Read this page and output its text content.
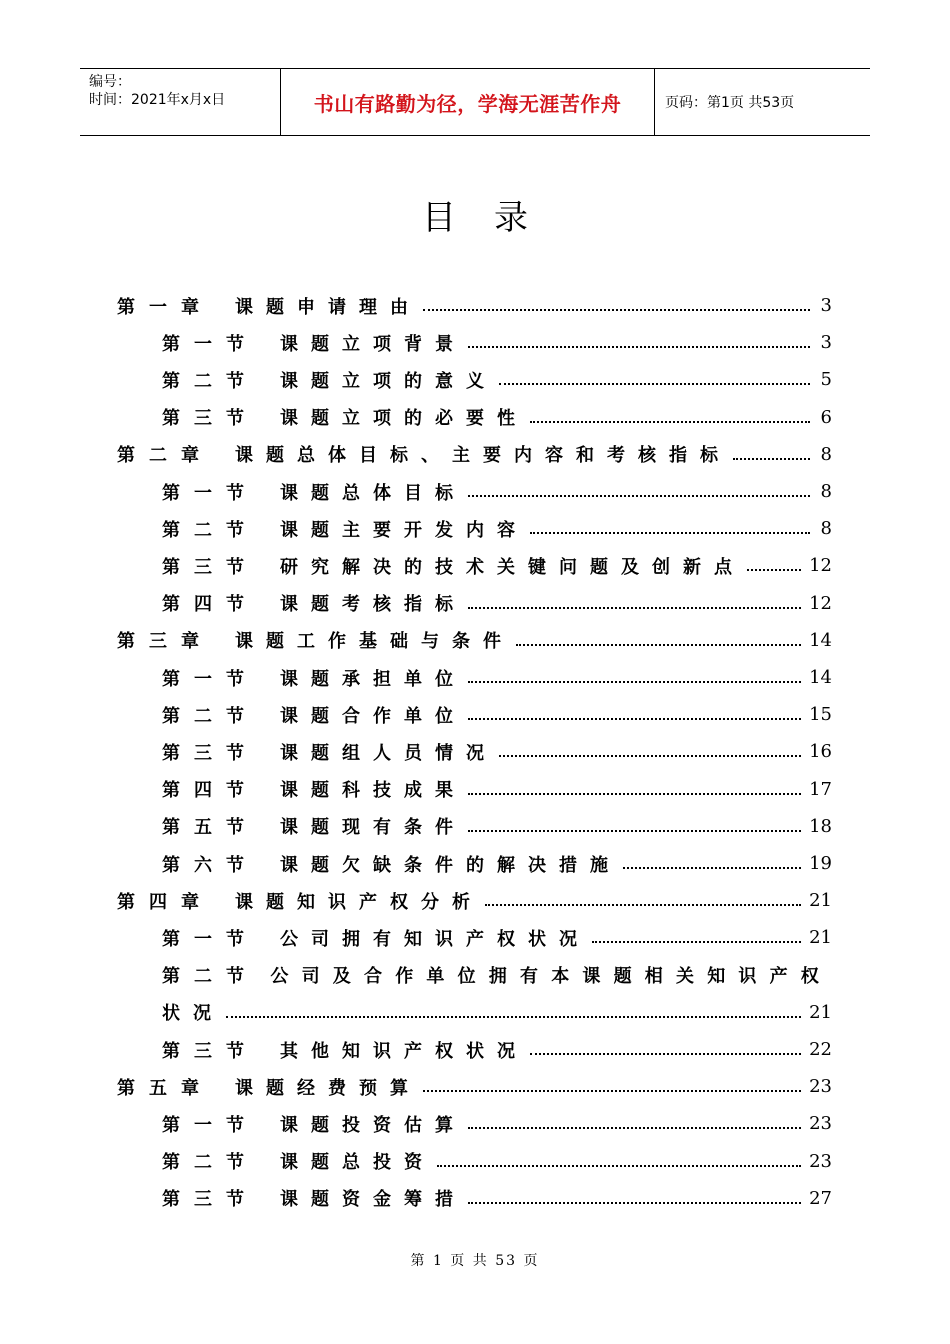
编号：
时间：2021年x月x日	书山有路勤为径，学海无涯苦作舟	页码：第1页 共53页
目录
第一章 课题申请理由	3
第一节 课题立项背景	3
第二节 课题立项的意义	5
第三节 课题立项的必要性	6
第二章 课题总体目标、主要内容和考核指标	8
第一节 课题总体目标	8
第二节 课题主要开发内容	8
第三节 研究解决的技术关键问题及创新点	12
第四节 课题考核指标	12
第三章 课题工作基础与条件	14
第一节 课题承担单位	14
第二节 课题合作单位	15
第三节 课题组人员情况	16
第四节 课题科技成果	17
第五节 课题现有条件	18
第六节 课题欠缺条件的解决措施	19
第四章 课题知识产权分析	21
第一节 公司拥有知识产权状况	21
第二节 公司及合作单位拥有本课题相关知识产权
状况	21
第三节 其他知识产权状况	22
第五章 课题经费预算	23
第一节 课题投资估算	23
第二节 课题总投资	23
第三节 课题资金筹措	27
第 1 页 共 53 页
